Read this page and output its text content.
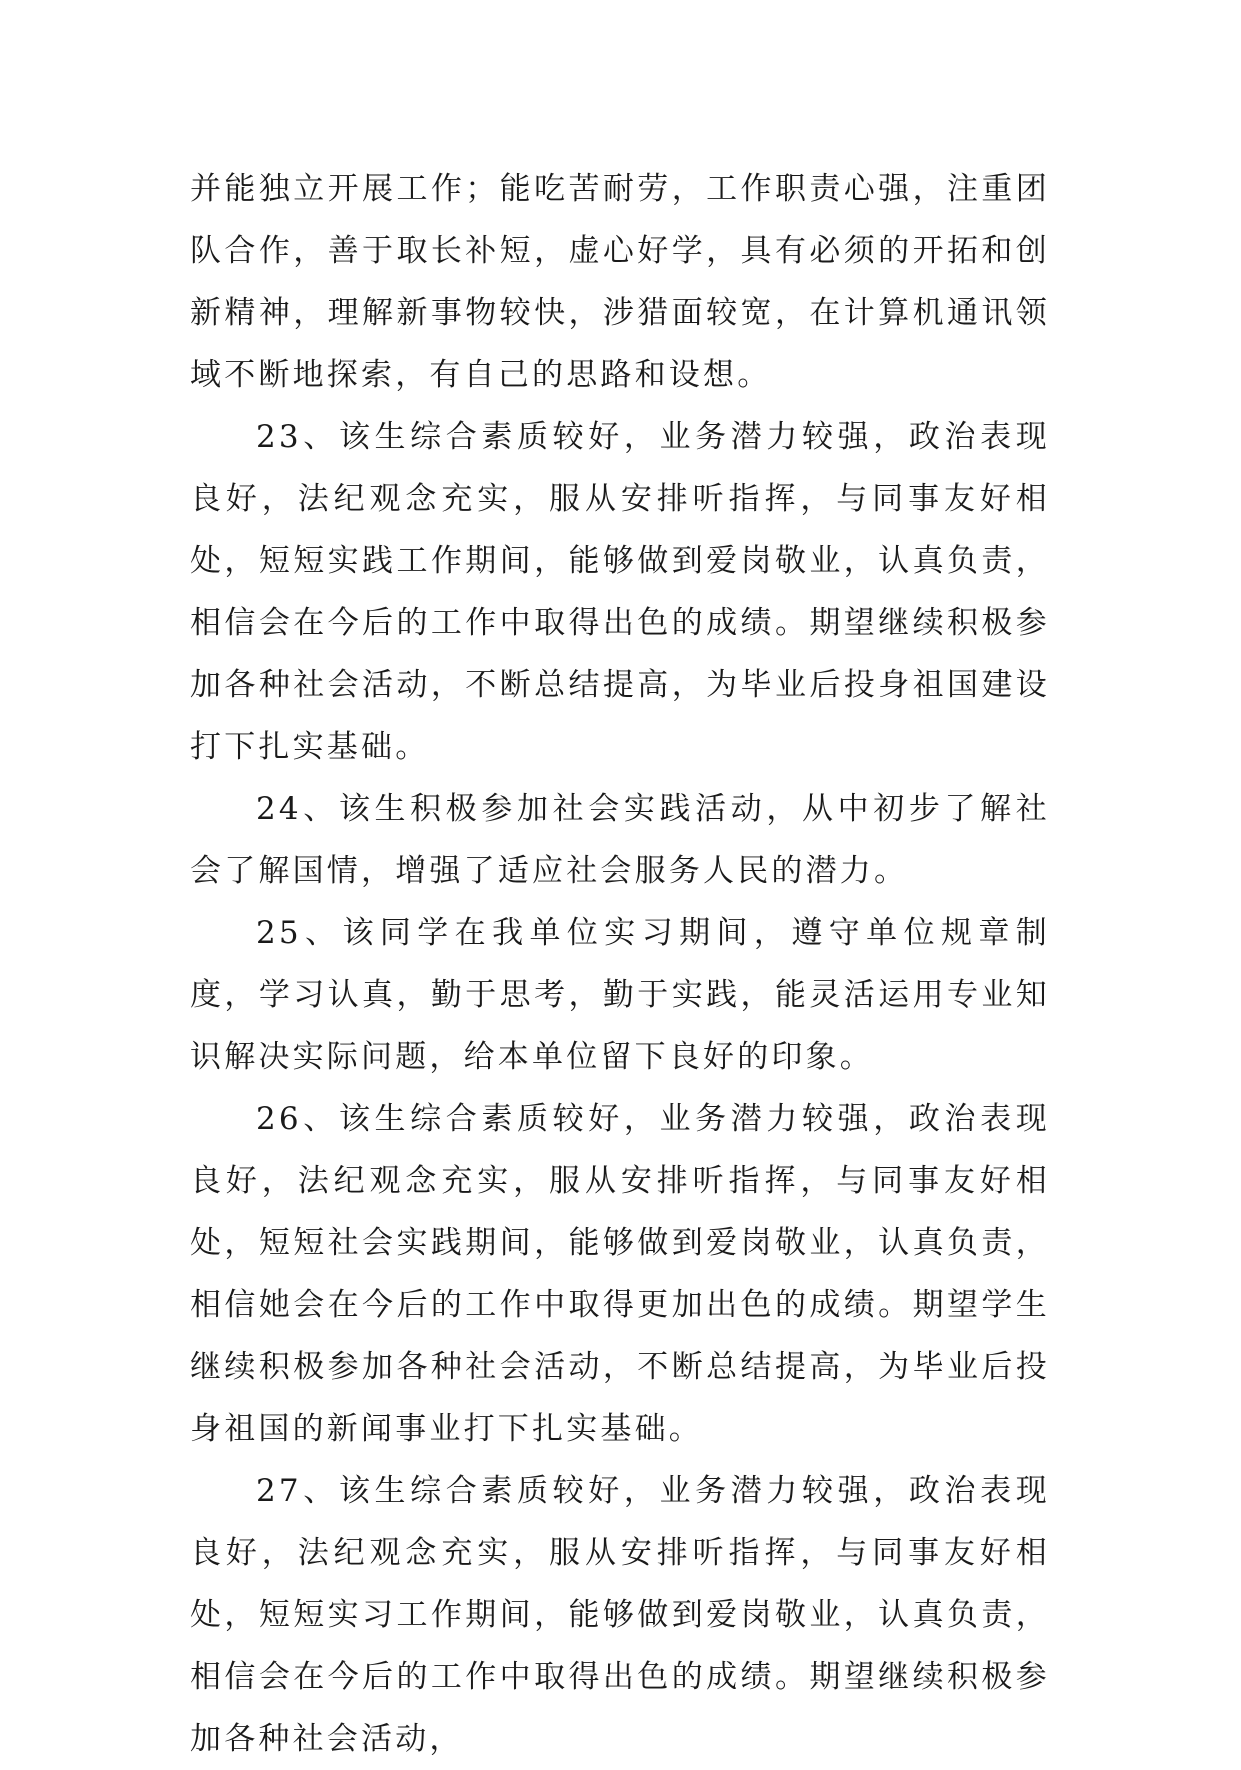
并能独立开展工作；能吃苦耐劳，工作职责心强，注重团队合作，善于取长补短，虚心好学，具有必须的开拓和创新精神，理解新事物较快，涉猎面较宽，在计算机通讯领域不断地探索，有自己的思路和设想。

23、该生综合素质较好，业务潜力较强，政治表现良好，法纪观念充实，服从安排听指挥，与同事友好相处，短短实践工作期间，能够做到爱岗敬业，认真负责，相信会在今后的工作中取得出色的成绩。期望继续积极参加各种社会活动，不断总结提高，为毕业后投身祖国建设打下扎实基础。

24、该生积极参加社会实践活动，从中初步了解社会了解国情，增强了适应社会服务人民的潜力。

25、该同学在我单位实习期间，遵守单位规章制度，学习认真，勤于思考，勤于实践，能灵活运用专业知识解决实际问题，给本单位留下良好的印象。

26、该生综合素质较好，业务潜力较强，政治表现良好，法纪观念充实，服从安排听指挥，与同事友好相处，短短社会实践期间，能够做到爱岗敬业，认真负责，相信她会在今后的工作中取得更加出色的成绩。期望学生继续积极参加各种社会活动，不断总结提高，为毕业后投身祖国的新闻事业打下扎实基础。

27、该生综合素质较好，业务潜力较强，政治表现良好，法纪观念充实，服从安排听指挥，与同事友好相处，短短实习工作期间，能够做到爱岗敬业，认真负责，相信会在今后的工作中取得出色的成绩。期望继续积极参加各种社会活动，
